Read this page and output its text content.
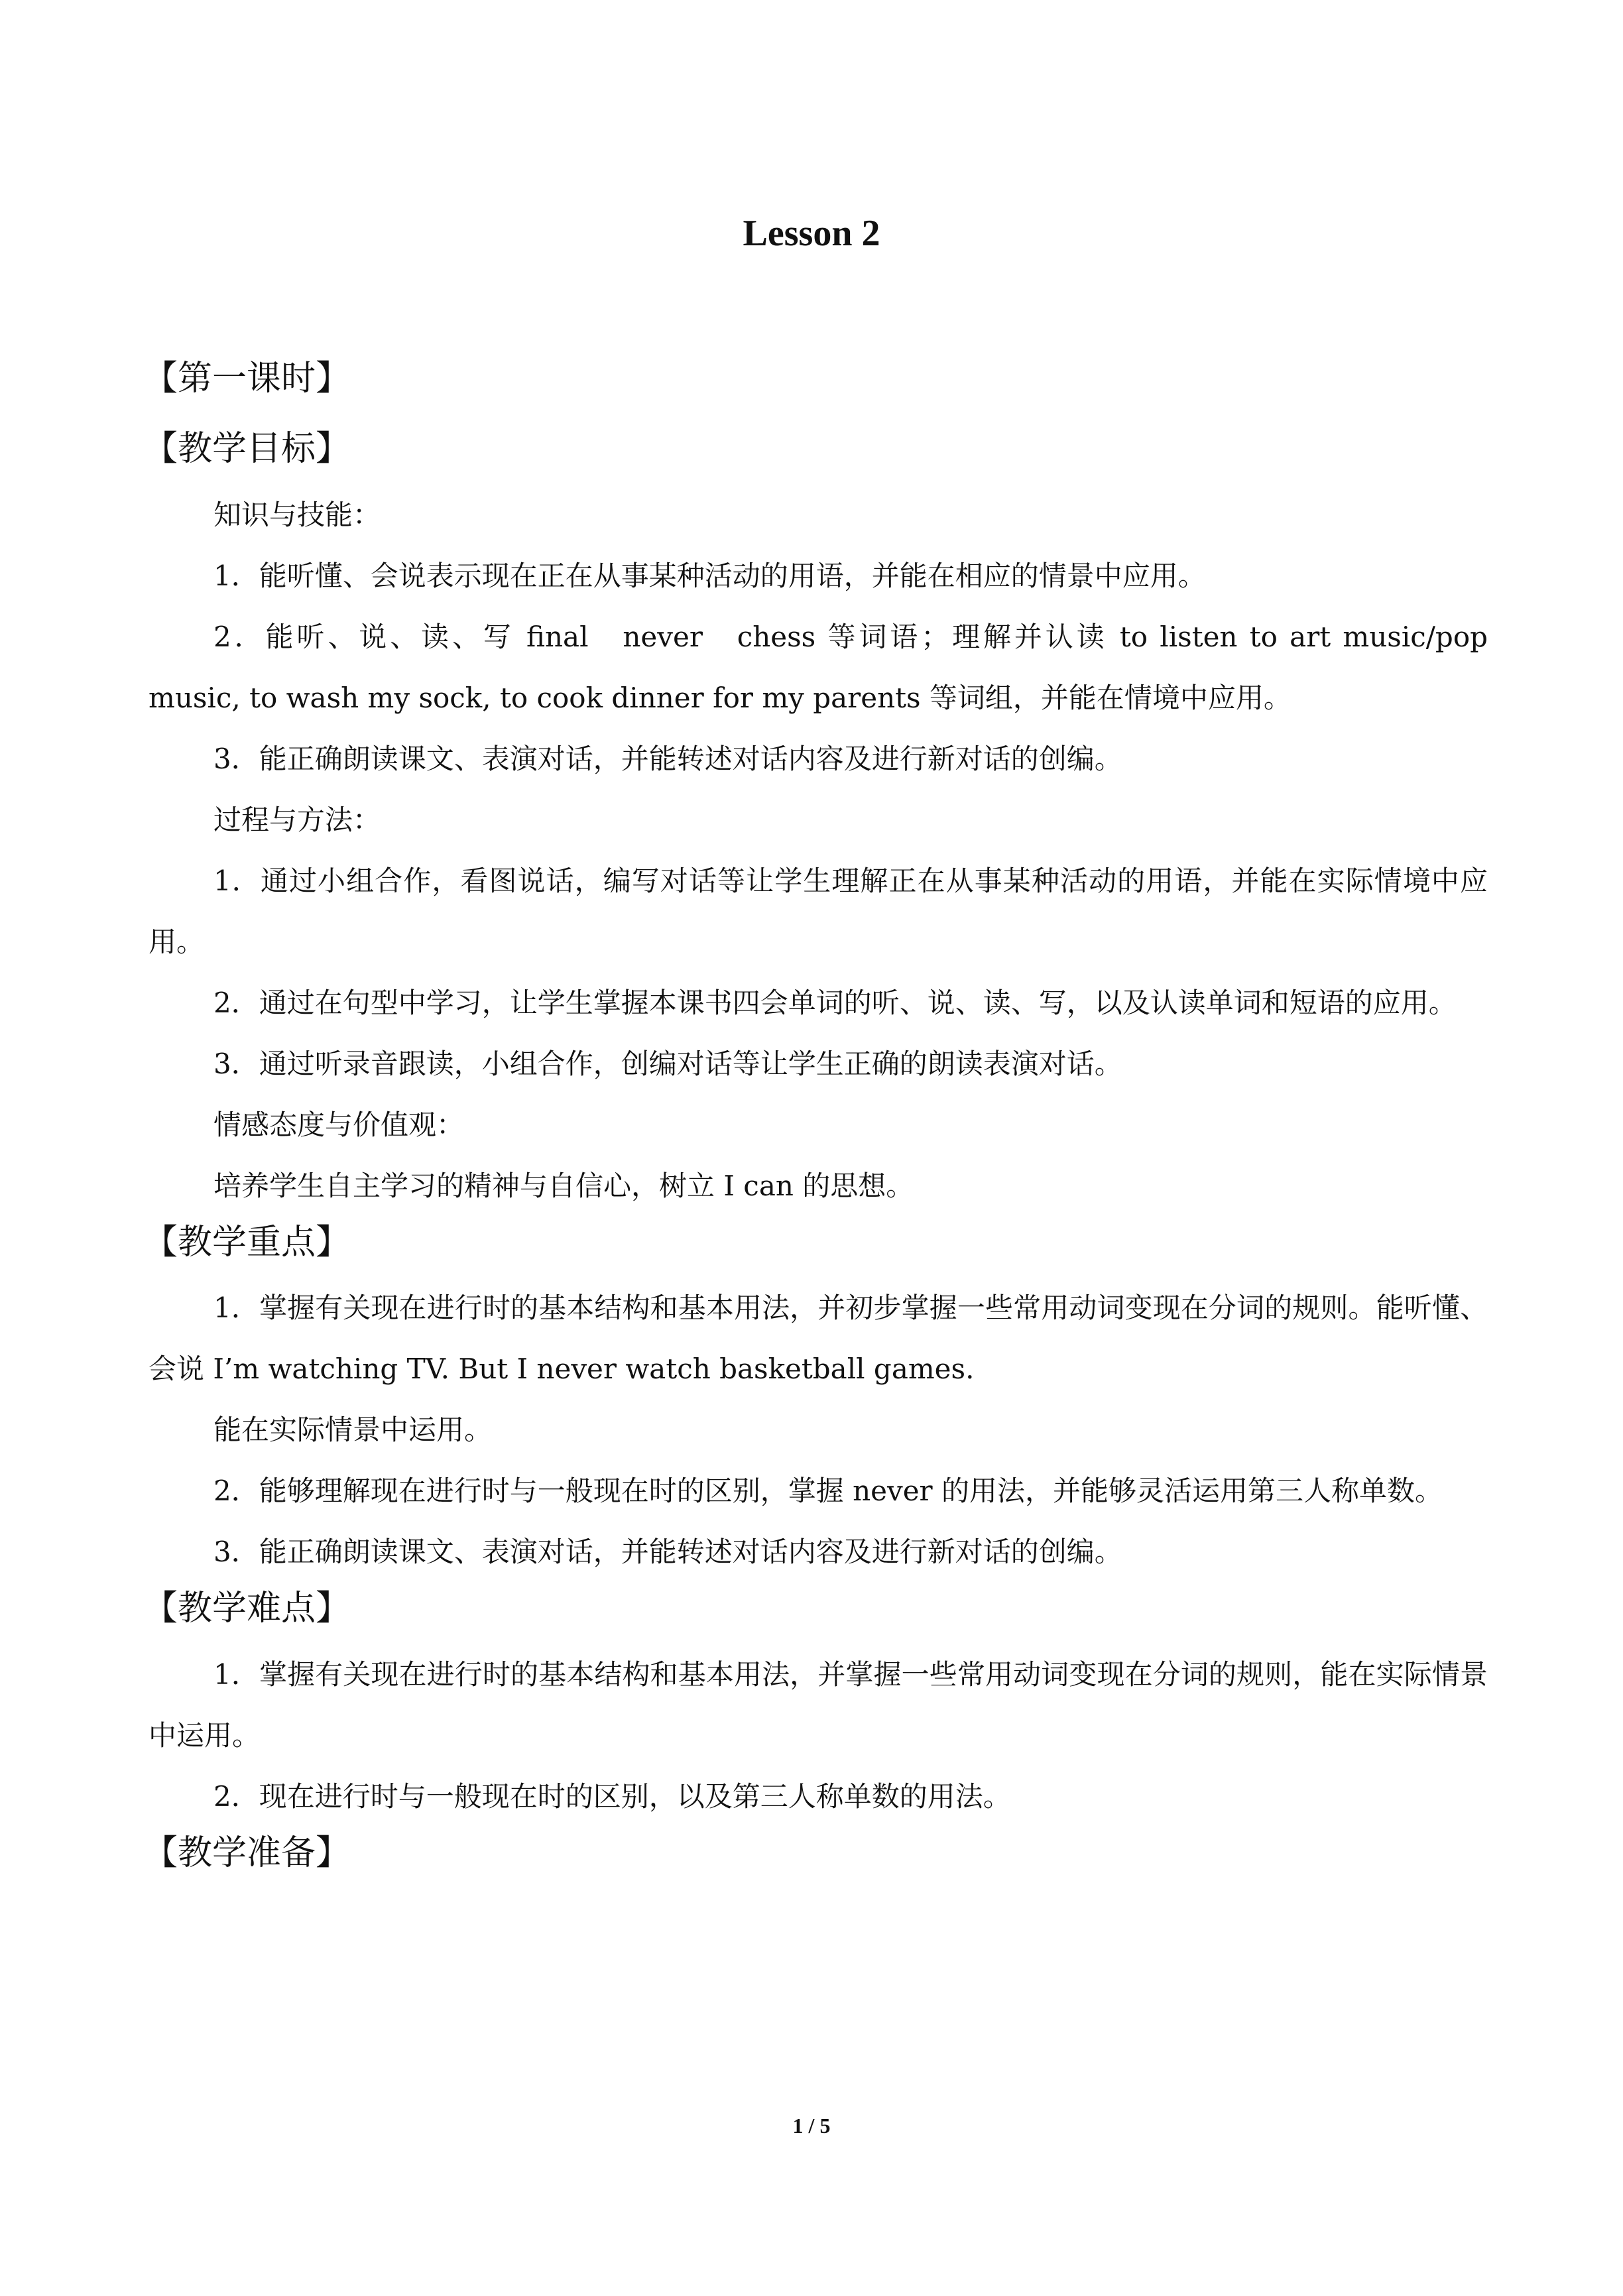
Lesson 2
【第一课时】
【教学目标】

知识与技能：

1．能听懂、会说表示现在正在从事某种活动的用语，并能在相应的情景中应用。

2．能听、说、读、写 final　never　chess 等词语；理解并认读 to listen to art music/pop music, to wash my sock, to cook dinner for my parents 等词组，并能在情境中应用。

3．能正确朗读课文、表演对话，并能转述对话内容及进行新对话的创编。

过程与方法：

1．通过小组合作，看图说话，编写对话等让学生理解正在从事某种活动的用语，并能在实际情境中应用。

2．通过在句型中学习，让学生掌握本课书四会单词的听、说、读、写，以及认读单词和短语的应用。

3．通过听录音跟读，小组合作，创编对话等让学生正确的朗读表演对话。

情感态度与价值观：

培养学生自主学习的精神与自信心，树立 I can 的思想。

【教学重点】

1．掌握有关现在进行时的基本结构和基本用法，并初步掌握一些常用动词变现在分词的规则。能听懂、会说 I’m watching TV. But I never watch basketball games.

能在实际情景中运用。

2．能够理解现在进行时与一般现在时的区别，掌握 never 的用法，并能够灵活运用第三人称单数。

3．能正确朗读课文、表演对话，并能转述对话内容及进行新对话的创编。

【教学难点】

1．掌握有关现在进行时的基本结构和基本用法，并掌握一些常用动词变现在分词的规则，能在实际情景中运用。

2．现在进行时与一般现在时的区别，以及第三人称单数的用法。

【教学准备】
1 / 5
